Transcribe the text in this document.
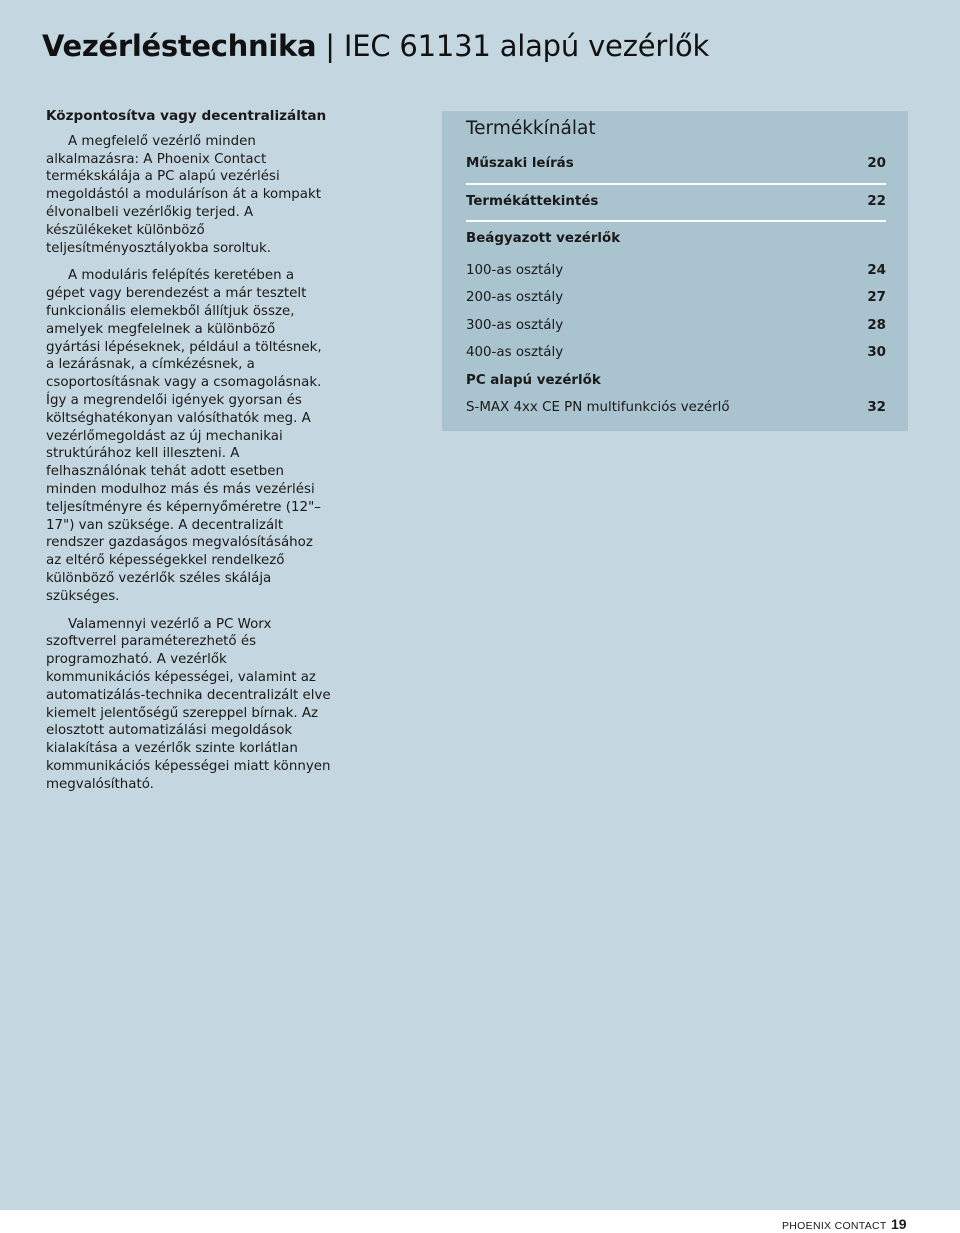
Vezérléstechnika | IEC 61131 alapú vezérlők
Központosítva vagy decentralizáltan

A megfelelő vezérlő minden alkalmazásra: A Phoenix Contact termékskálája a PC alapú vezérlési megoldástól a moduláríson át a kompakt élvonalbeli vezérlőkig terjed. A készülékeket különböző teljesítményosztályokba soroltuk.

A moduláris felépítés keretében a gépet vagy berendezést a már tesztelt funkcionális elemekből állítjuk össze, amelyek megfelelnek a különböző gyártási lépéseknek, például a töltésnek, a lezárásnak, a címkézésnek, a csoportosításnak vagy a csomagolásnak. Így a megrendelői igények gyorsan és költséghatékonyan valósíthatók meg. A vezérlőmegoldást az új mechanikai struktúrához kell illeszteni. A felhasználónak tehát adott esetben minden modulhoz más és más vezérlési teljesítményre és képernyőméretre (12"–17") van szüksége. A decentralizált rendszer gazdaságos megvalósításához az eltérő képességekkel rendelkező különböző vezérlők széles skálája szükséges.

Valamennyi vezérlő a PC Worx szoftverrel paraméterezhető és programozható. A vezérlők kommunikációs képességei, valamint az automatizálás-technika decentralizált elve kiemelt jelentőségű szereppel bírnak. Az elosztott automatizálási megoldások kialakítása a vezérlők szinte korlátlan kommunikációs képességei miatt könnyen megvalósítható.

Termékkínálat
Műszaki leírás	20
Termékáttekintés	22
Beágyazott vezérlők
100-as osztály	24
200-as osztály	27
300-as osztály	28
400-as osztály	30
PC alapú vezérlők
S-MAX 4xx CE PN multifunkciós vezérlő	32
PHOENIX CONTACT 19
